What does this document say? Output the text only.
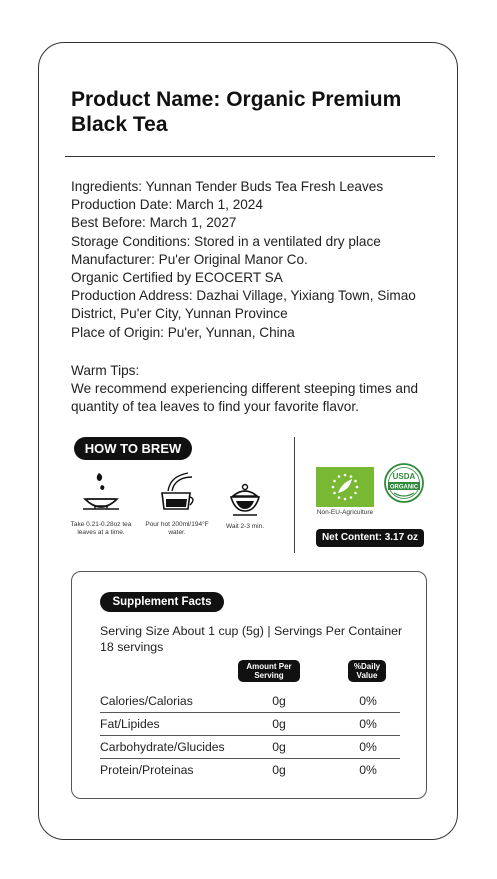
Product Name: Organic Premium Black Tea
Ingredients: Yunnan Tender Buds Tea Fresh Leaves
Production Date: March 1, 2024
Best Before: March 1, 2027
Storage Conditions: Stored in a ventilated dry place
Manufacturer: Pu'er Original Manor Co.
Organic Certified by ECOCERT SA
Production Address: Dazhai Village, Yixiang Town, Simao District, Pu'er City, Yunnan Province
Place of Origin: Pu'er, Yunnan, China
Warm Tips:
We recommend experiencing different steeping times and quantity of tea leaves to find your favorite flavor.
HOW TO BREW
Take 0.21-0.28oz tea leaves at a time.
Pour hot 200ml/194°F water.
Wait 2-3 min.
Non-EU-Agriculture
USDA
ORGANIC
Net Content: 3.17 oz
Supplement Facts
Serving Size About 1 cup (5g) | Servings Per Container 18 servings
Amount Per Serving
%Daily Value
Calories/Calorias	0g	0%
Fat/Lipides	0g	0%
Carbohydrate/Glucides	0g	0%
Protein/Proteinas	0g	0%
